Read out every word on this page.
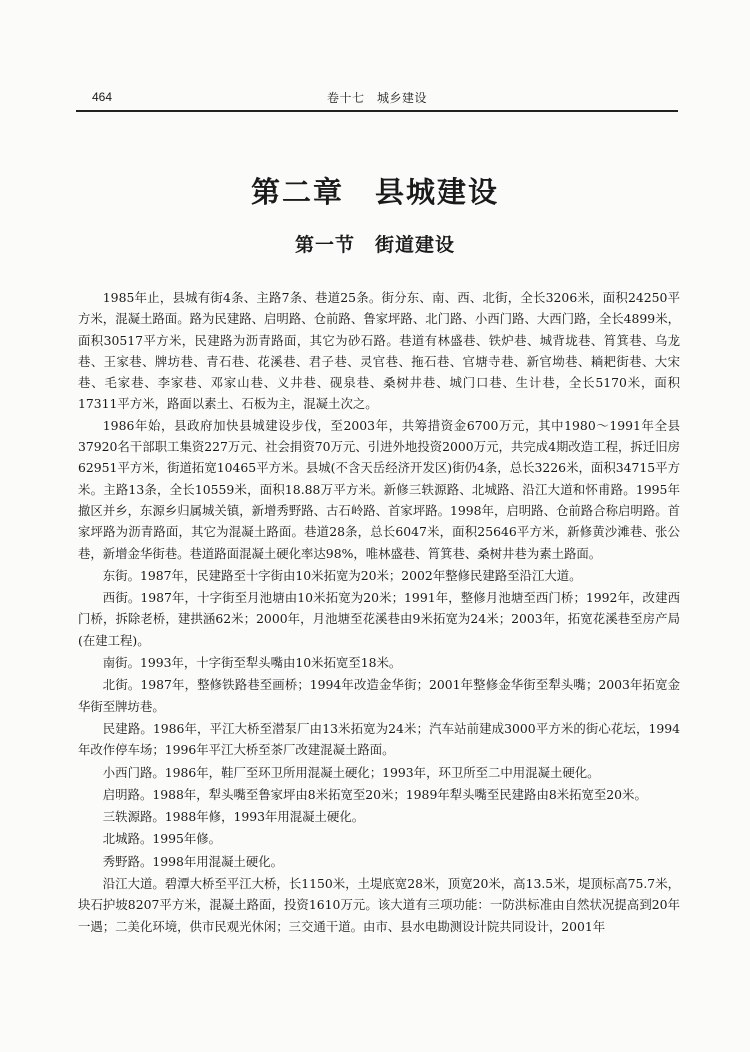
464	卷十七　城乡建设
第二章　县城建设
第一节　街道建设

1985年止，县城有街4条、主路7条、巷道25条。街分东、南、西、北街，全长3206米，面积24250平方米，混凝土路面。路为民建路、启明路、仓前路、鲁家坪路、北门路、小西门路、大西门路，全长4899米，面积30517平方米，民建路为沥青路面，其它为砂石路。巷道有林盛巷、铁炉巷、城背垅巷、筲箕巷、乌龙巷、王家巷、牌坊巷、青石巷、花溪巷、君子巷、灵官巷、拖石巷、官塘寺巷、新官坳巷、耥耙街巷、大宋巷、毛家巷、李家巷、邓家山巷、义井巷、砚泉巷、桑树井巷、城门口巷、生计巷，全长5170米，面积17311平方米，路面以素土、石板为主，混凝土次之。

1986年始，县政府加快县城建设步伐，至2003年，共筹措资金6700万元，其中1980～1991年全县37920名干部职工集资227万元、社会捐资70万元、引进外地投资2000万元，共完成4期改造工程，拆迁旧房62951平方米，街道拓宽10465平方米。县城(不含天岳经济开发区)街仍4条，总长3226米，面积34715平方米。主路13条，全长10559米，面积18.88万平方米。新修三轶源路、北城路、沿江大道和怀甫路。1995年撤区并乡，东源乡归属城关镇，新增秀野路、古石岭路、首家坪路。1998年，启明路、仓前路合称启明路。首家坪路为沥青路面，其它为混凝土路面。巷道28条，总长6047米，面积25646平方米，新修黄沙滩巷、张公巷，新增金华街巷。巷道路面混凝土硬化率达98%，唯林盛巷、筲箕巷、桑树井巷为素土路面。

东街。1987年，民建路至十字街由10米拓宽为20米；2002年整修民建路至沿江大道。

西街。1987年，十字街至月池塘由10米拓宽为20米；1991年，整修月池塘至西门桥；1992年，改建西门桥，拆除老桥，建拱涵62米；2000年，月池塘至花溪巷由9米拓宽为24米；2003年，拓宽花溪巷至房产局(在建工程)。

南街。1993年，十字街至犁头嘴由10米拓宽至18米。

北街。1987年，整修铁路巷至画桥；1994年改造金华街；2001年整修金华街至犁头嘴；2003年拓宽金华街至牌坊巷。

民建路。1986年，平江大桥至潜泵厂由13米拓宽为24米；汽车站前建成3000平方米的街心花坛，1994年改作停车场；1996年平江大桥至茶厂改建混凝土路面。

小西门路。1986年，鞋厂至环卫所用混凝土硬化；1993年，环卫所至二中用混凝土硬化。

启明路。1988年，犁头嘴至鲁家坪由8米拓宽至20米；1989年犁头嘴至民建路由8米拓宽至20米。

三轶源路。1988年修，1993年用混凝土硬化。

北城路。1995年修。

秀野路。1998年用混凝土硬化。

沿江大道。碧潭大桥至平江大桥，长1150米，土堤底宽28米，顶宽20米，高13.5米，堤顶标高75.7米，块石护坡8207平方米，混凝土路面，投资1610万元。该大道有三项功能：一防洪标准由自然状况提高到20年一遇；二美化环境，供市民观光休闲；三交通干道。由市、县水电勘测设计院共同设计，2001年
